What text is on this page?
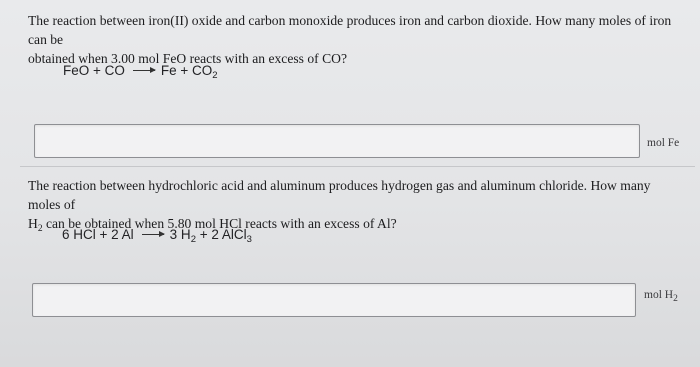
The reaction between iron(II) oxide and carbon monoxide produces iron and carbon dioxide. How many moles of iron can be
obtained when 3.00 mol FeO reacts with an excess of CO?
FeO + CO → $Fe + CO_2$
mol Fe
The reaction between hydrochloric acid and aluminum produces hydrogen gas and aluminum chloride. How many moles of
$H_2$ can be obtained when 5.80 mol HCl reacts with an excess of Al?
6 HCl + 2 Al → 3 $H_2 + 2$ AlCl$_3$
mol $H_2$
